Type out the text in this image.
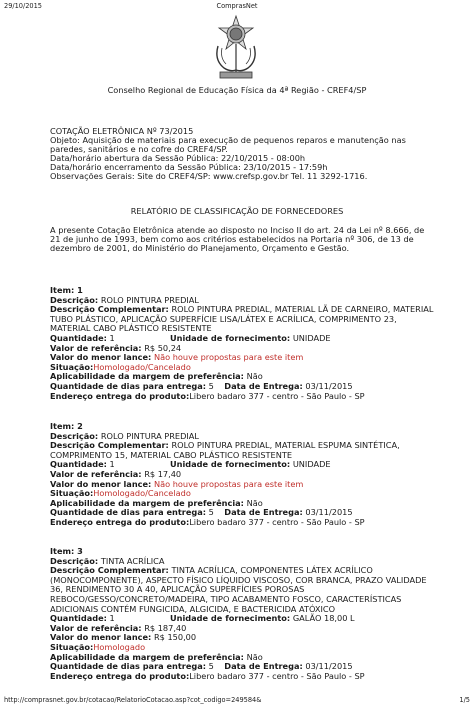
29/10/2015	ComprasNet
Conselho Regional de Educação Física da 4ª Região - CREF4/SP
COTAÇÃO ELETRÔNICA Nº 73/2015
Objeto: Aquisição de materiais para execução de pequenos reparos e manutenção nas
paredes, sanitários e no cofre do CREF4/SP.
Data/horário abertura da Sessão Pública: 22/10/2015 - 08:00h
Data/horário encerramento da Sessão Pública: 23/10/2015 - 17:59h
Observações Gerais: Site do CREF4/SP: www.crefsp.gov.br Tel. 11 3292-1716.
RELATÓRIO DE CLASSIFICAÇÃO DE FORNECEDORES
A presente Cotação Eletrônica atende ao disposto no Inciso II do art. 24 da Lei nº 8.666, de
21 de junho de 1993, bem como aos critérios estabelecidos na Portaria nº 306, de 13 de
dezembro de 2001, do Ministério do Planejamento, Orçamento e Gestão.
Item: 1
Descrição: ROLO PINTURA PREDIAL
Descrição Complementar: ROLO PINTURA PREDIAL, MATERIAL LÃ DE CARNEIRO, MATERIAL
TUBO PLÁSTICO, APLICAÇÃO SUPERFÍCIE LISA/LÁTEX E ACRÍLICA, COMPRIMENTO 23,
MATERIAL CABO PLÁSTICO RESISTENTE
Quantidade: 1	Unidade de fornecimento: UNIDADE
Valor de referência: R$ 50,24
Valor do menor lance: Não houve propostas para este item
Situação:Homologado/Cancelado
Aplicabilidade da margem de preferência: Não
Quantidade de dias para entrega: 5 Data de Entrega: 03/11/2015
Endereço entrega do produto:Libero badaro 377 - centro - São Paulo - SP
Item: 2
Descrição: ROLO PINTURA PREDIAL
Descrição Complementar: ROLO PINTURA PREDIAL, MATERIAL ESPUMA SINTÉTICA,
COMPRIMENTO 15, MATERIAL CABO PLÁSTICO RESISTENTE
Quantidade: 1	Unidade de fornecimento: UNIDADE
Valor de referência: R$ 17,40
Valor do menor lance: Não houve propostas para este item
Situação:Homologado/Cancelado
Aplicabilidade da margem de preferência: Não
Quantidade de dias para entrega: 5 Data de Entrega: 03/11/2015
Endereço entrega do produto:Libero badaro 377 - centro - São Paulo - SP
Item: 3
Descrição: TINTA ACRÍLICA
Descrição Complementar: TINTA ACRÍLICA, COMPONENTES LÁTEX ACRÍLICO
(MONOCOMPONENTE), ASPECTO FÍSICO LÍQUIDO VISCOSO, COR BRANCA, PRAZO VALIDADE
36, RENDIMENTO 30 A 40, APLICAÇÃO SUPERFÍCIES POROSAS
REBOCO/GESSO/CONCRETO/MADEIRA, TIPO ACABAMENTO FOSCO, CARACTERÍSTICAS
ADICIONAIS CONTÉM FUNGICIDA, ALGICIDA, E BACTERICIDA ATÓXICO
Quantidade: 1	Unidade de fornecimento: GALÃO 18,00 L
Valor de referência: R$ 187,40
Valor do menor lance: R$ 150,00
Situação:Homologado
Aplicabilidade da margem de preferência: Não
Quantidade de dias para entrega: 5 Data de Entrega: 03/11/2015
Endereço entrega do produto:Libero badaro 377 - centro - São Paulo - SP
http://comprasnet.gov.br/cotacao/RelatorioCotacao.asp?cot_codigo=249584&	1/5
